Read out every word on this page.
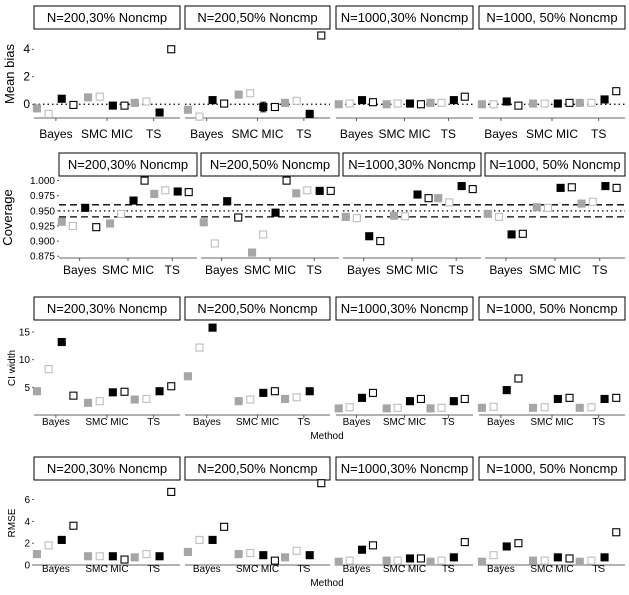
Mean bias 0
2
4
N=200,30% Noncmp
Bayes SMC MIC TS
N=200,50% Noncmp
Bayes SMC MIC TS
N=1000,30% Noncmp
Bayes SMC MIC TS
N=1000, 50% Noncmp
Bayes SMC MIC TS
Coverage
0.875
0.900
0.925
0.950
0.975
1.000
N=200,30% Noncmp
Bayes SMC MIC TS
N=200,50% Noncmp
Bayes SMC MIC TS
N=1000,30% Noncmp
Bayes SMC MIC TS
N=1000, 50% Noncmp
Bayes SMC MIC TS
CI width
5
10
15
N=200,30% Noncmp
Bayes SMC MIC TS
N=200,50% Noncmp
Bayes SMC MIC TS
N=1000,30% Noncmp
Bayes SMC MIC TS
N=1000, 50% Noncmp
Bayes SMC MIC TS
Method
RMSE
0
2
4
6
N=200,30% Noncmp
Bayes SMC MIC TS
N=200,50% Noncmp
Bayes SMC MIC TS
N=1000,30% Noncmp
Bayes SMC MIC TS
N=1000, 50% Noncmp
Bayes SMC MIC TS
Method
